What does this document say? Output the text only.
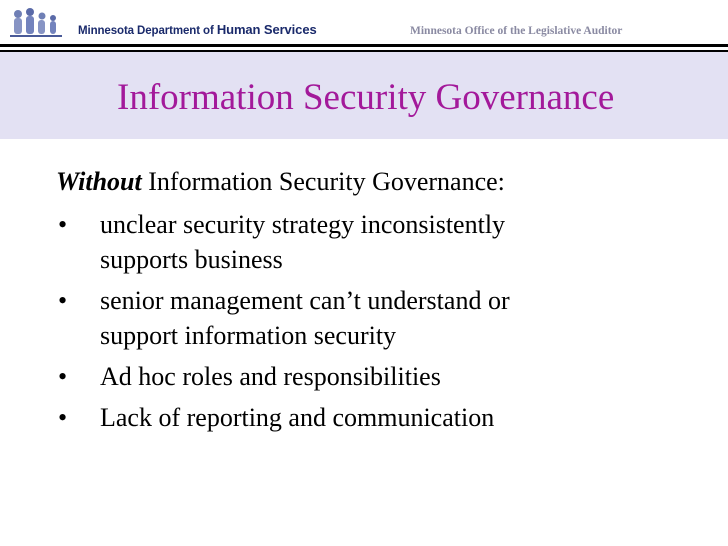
Minnesota Department of Human Services	Minnesota Office of the Legislative Auditor
Information Security Governance
Without Information Security Governance:
• unclear security strategy inconsistently
supports business
• senior management can’t understand or
support information security
• Ad hoc roles and responsibilities
• Lack of reporting and communication
